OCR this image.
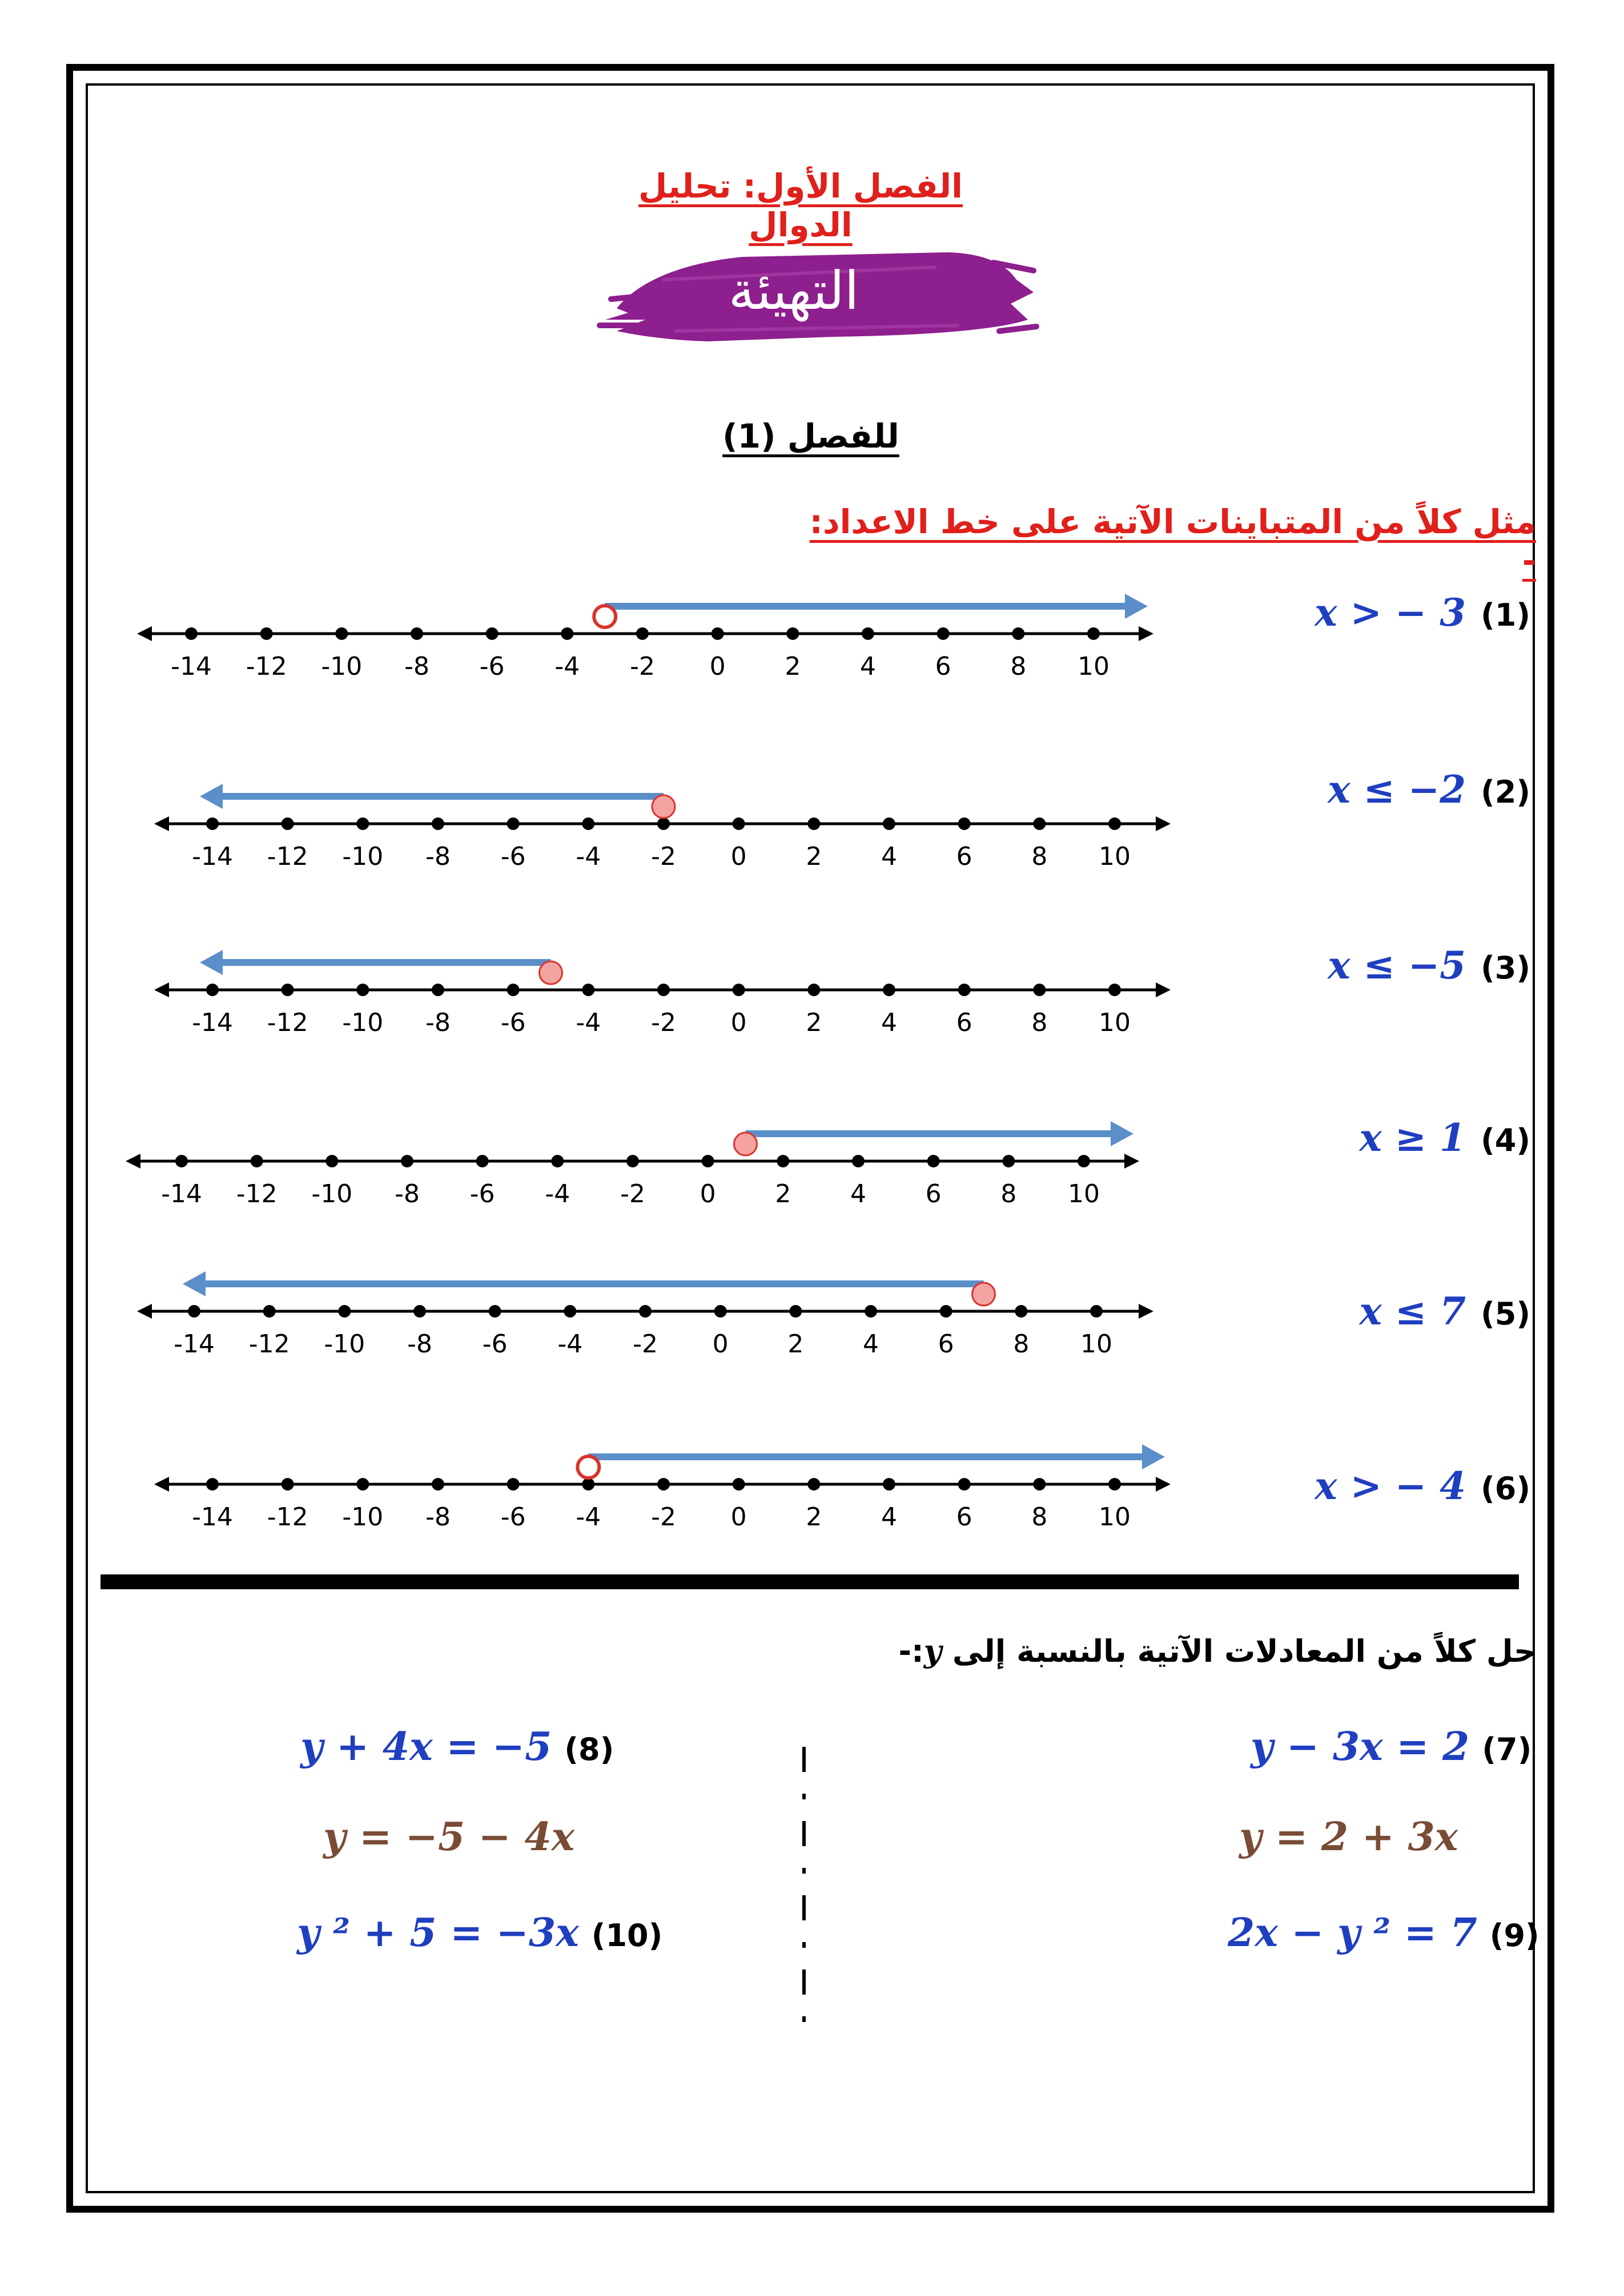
الفصل الأول: تحليل الدوال
التهيئة
للفصل (1)
مثل كلاً من المتباينات الآتية على خط الاعداد: -
x > − 3 (1)
x ≤ −2 (2)
x ≤ −5 (3)
x ≥ 1 (4)
x ≤ 7 (5)
x > − 4 (6)
-14 -12 -10 -8 -6 -4 -2 0 2 4 6 8 10
-14 -12 -10 -8 -6 -4 -2 0 2 4 6 8 10
-14 -12 -10 -8 -6 -4 -2 0 2 4 6 8 10
-14 -12 -10 -8 -6 -4 -2 0 2 4 6 8 10
-14 -12 -10 -8 -6 -4 -2 0 2 4 6 8 10
-14 -12 -10 -8 -6 -4 -2 0 2 4 6 8 10
حل كلاً من المعادلات الآتية بالنسبة إلى y:-
y − 3x = 2 (7)
y = 2 + 3x
2x − y ² = 7 (9)
y + 4x = −5 (8)
y = −5 − 4x
y ² + 5 = −3x (10)
